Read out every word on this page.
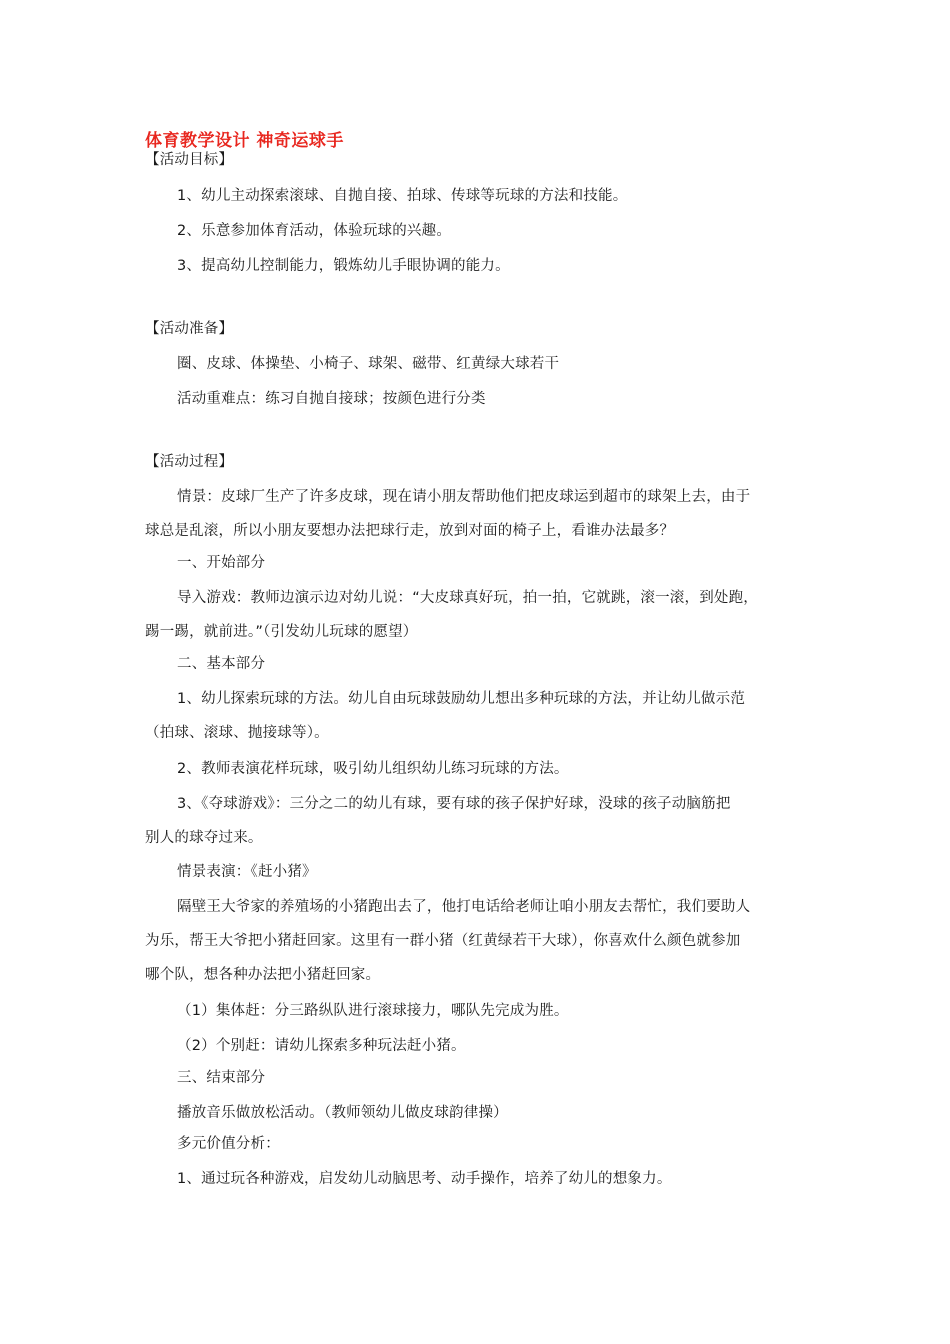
体育教学设计 神奇运球手
【活动目标】
1、幼儿主动探索滚球、自抛自接、拍球、传球等玩球的方法和技能。
2、乐意参加体育活动，体验玩球的兴趣。
3、提高幼儿控制能力，锻炼幼儿手眼协调的能力。
【活动准备】
圈、皮球、体操垫、小椅子、球架、磁带、红黄绿大球若干
活动重难点：练习自抛自接球；按颜色进行分类
【活动过程】
情景：皮球厂生产了许多皮球，现在请小朋友帮助他们把皮球运到超市的球架上去，由于
球总是乱滚，所以小朋友要想办法把球行走，放到对面的椅子上，看谁办法最多？
一、开始部分
导入游戏：教师边演示边对幼儿说：“大皮球真好玩，拍一拍，它就跳，滚一滚，到处跑，
踢一踢，就前进。”（引发幼儿玩球的愿望）
二、基本部分
1、幼儿探索玩球的方法。幼儿自由玩球鼓励幼儿想出多种玩球的方法，并让幼儿做示范
（拍球、滚球、抛接球等）。
2、教师表演花样玩球，吸引幼儿组织幼儿练习玩球的方法。
3、《夺球游戏》：三分之二的幼儿有球，要有球的孩子保护好球，没球的孩子动脑筋把
别人的球夺过来。
情景表演：《赶小猪》
隔壁王大爷家的养殖场的小猪跑出去了，他打电话给老师让咱小朋友去帮忙，我们要助人
为乐，帮王大爷把小猪赶回家。这里有一群小猪（红黄绿若干大球），你喜欢什么颜色就参加
哪个队，想各种办法把小猪赶回家。
（1）集体赶：分三路纵队进行滚球接力，哪队先完成为胜。
（2）个别赶：请幼儿探索多种玩法赶小猪。
三、结束部分
播放音乐做放松活动。（教师领幼儿做皮球韵律操）
多元价值分析：
1、通过玩各种游戏，启发幼儿动脑思考、动手操作，培养了幼儿的想象力。
